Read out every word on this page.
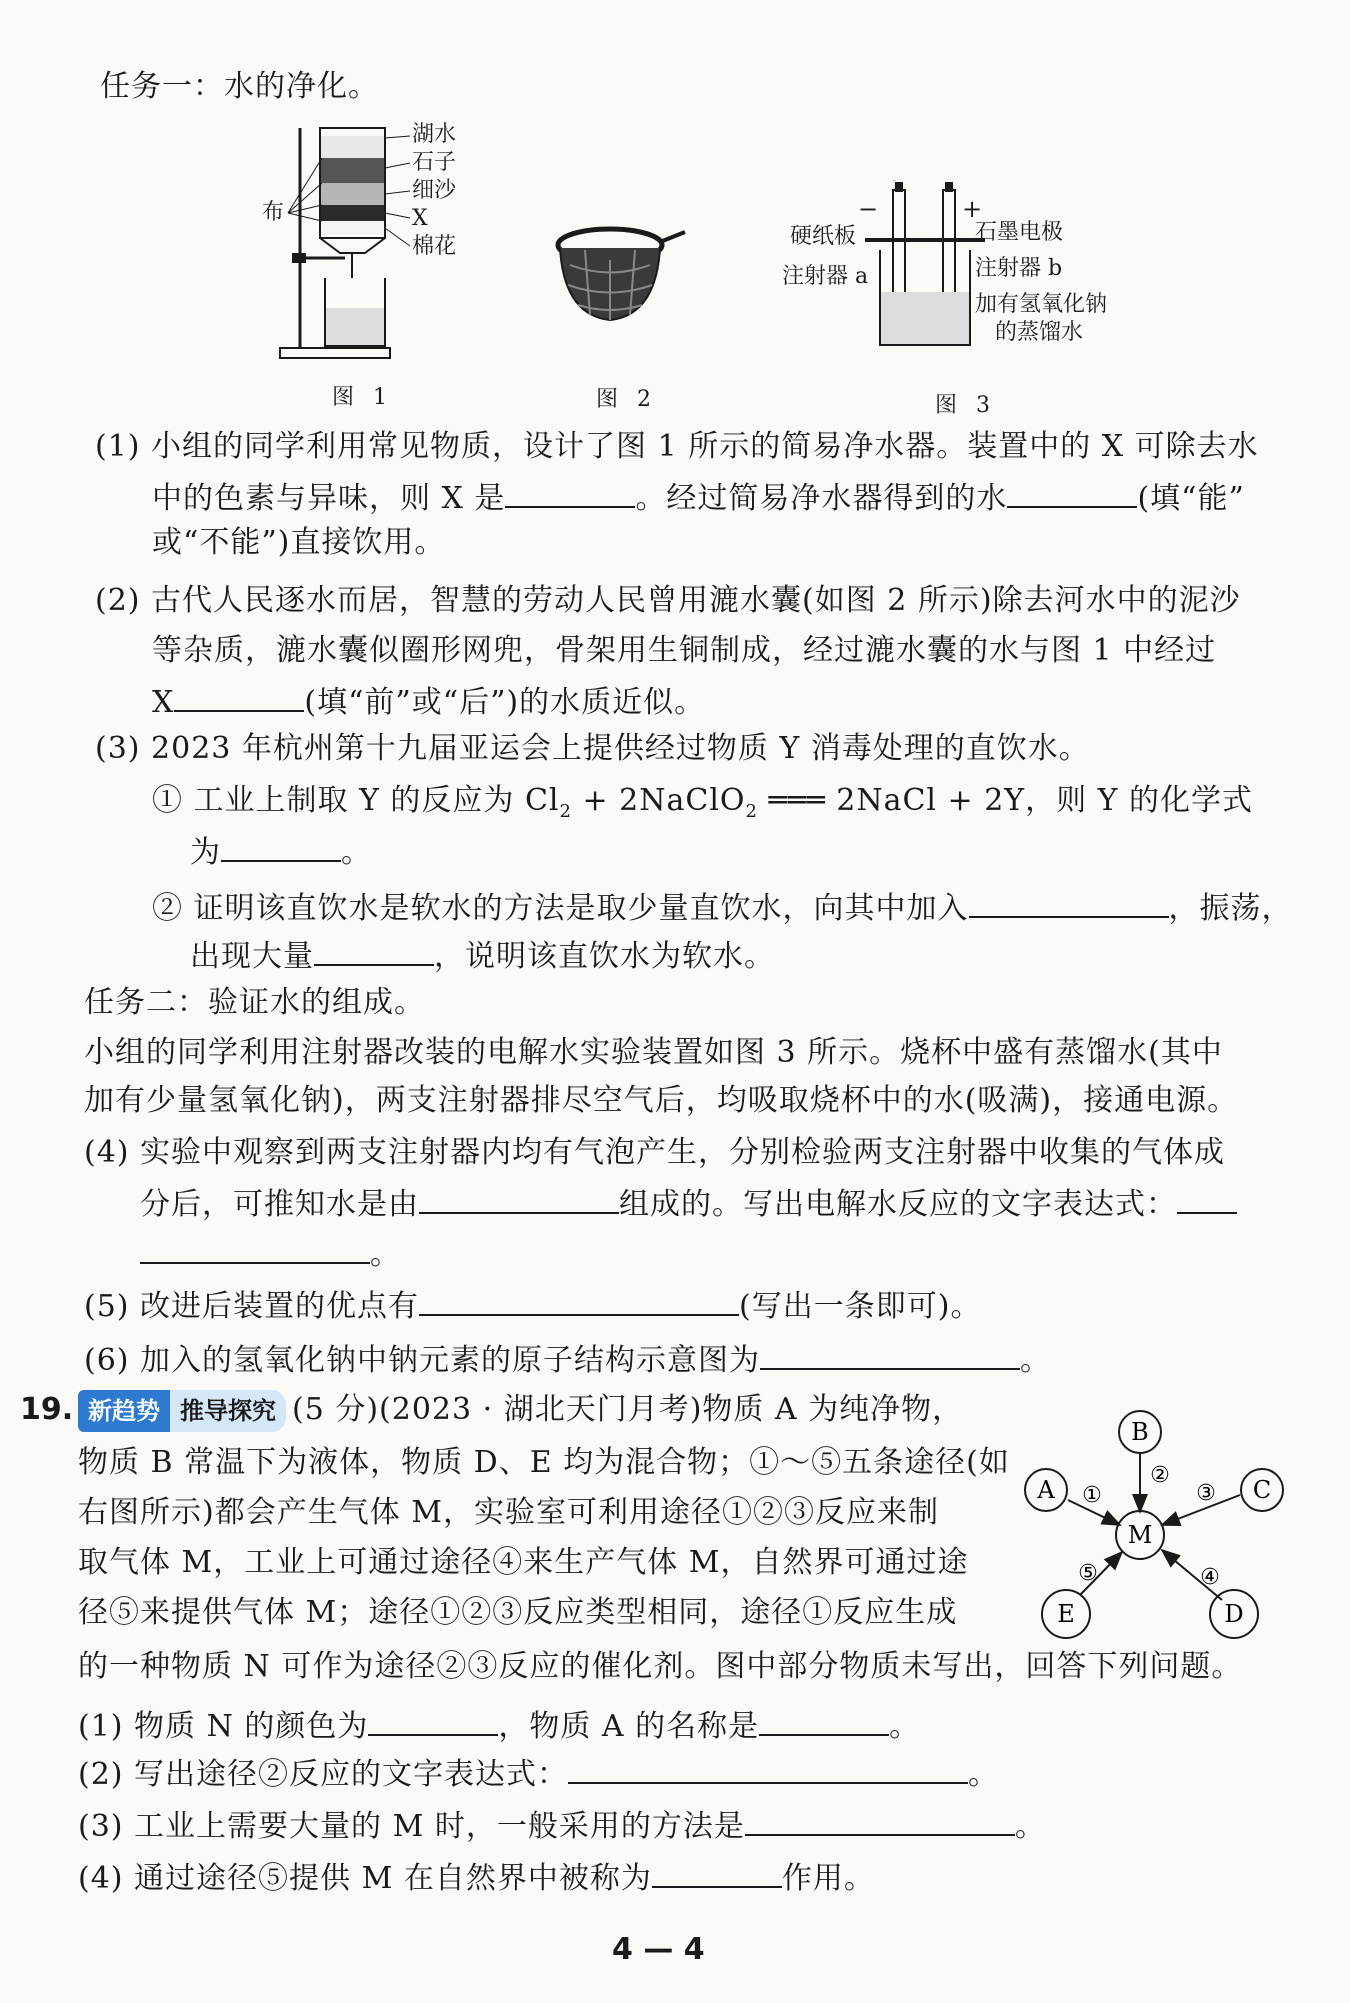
任务一：水的净化。
湖水
石子
细沙
X
棉花
布
图 1	图 2
−	+
硬纸板	石墨电极
注射器 a	注射器 b
加有氢氧化钠
的蒸馏水
图 3
(1) 小组的同学利用常见物质，设计了图 1 所示的简易净水器。装置中的 X 可除去水
中的色素与异味，则 X 是	。经过简易净水器得到的水	(填“能”
或“不能”)直接饮用。
(2) 古代人民逐水而居，智慧的劳动人民曾用漉水囊(如图 2 所示)除去河水中的泥沙
等杂质，漉水囊似圈形网兜，骨架用生铜制成，经过漉水囊的水与图 1 中经过
X	(填“前”或“后”)的水质近似。
(3) 2023 年杭州第十九届亚运会上提供经过物质 Y 消毒处理的直饮水。
① 工业上制取 Y 的反应为 $Cl_2$ + 2NaClO$_2$ ═══ 2NaCl + 2Y，则 Y 的化学式
为	。
② 证明该直饮水是软水的方法是取少量直饮水，向其中加入	，振荡，
出现大量	，说明该直饮水为软水。
任务二：验证水的组成。
小组的同学利用注射器改装的电解水实验装置如图 3 所示。烧杯中盛有蒸馏水(其中
加有少量氢氧化钠)，两支注射器排尽空气后，均吸取烧杯中的水(吸满)，接通电源。
(4) 实验中观察到两支注射器内均有气泡产生，分别检验两支注射器中收集的气体成
分后，可推知水是由	组成的。写出电解水反应的文字表达式：
。
(5) 改进后装置的优点有	(写出一条即可)。
(6) 加入的氢氧化钠中钠元素的原子结构示意图为	。
19. 新趋势 推导探究 (5 分)(2023 · 湖北天门月考)物质 A 为纯净物，
物质 B 常温下为液体，物质 D、E 均为混合物；①～⑤五条途径(如
右图所示)都会产生气体 M，实验室可利用途径①②③反应来制
取气体 M，工业上可通过途径④来生产气体 M，自然界可通过途
径⑤来提供气体 M；途径①②③反应类型相同，途径①反应生成
的一种物质 N 可作为途径②③反应的催化剂。图中部分物质未写出，回答下列问题。
(1) 物质 N 的颜色为	，物质 A 的名称是	。
(2) 写出途径②反应的文字表达式：	。
(3) 工业上需要大量的 M 时，一般采用的方法是	。
(4) 通过途径⑤提供 M 在自然界中被称为	作用。
B
A	C
M
E	D
①
②
③
④
⑤
4 — 4
